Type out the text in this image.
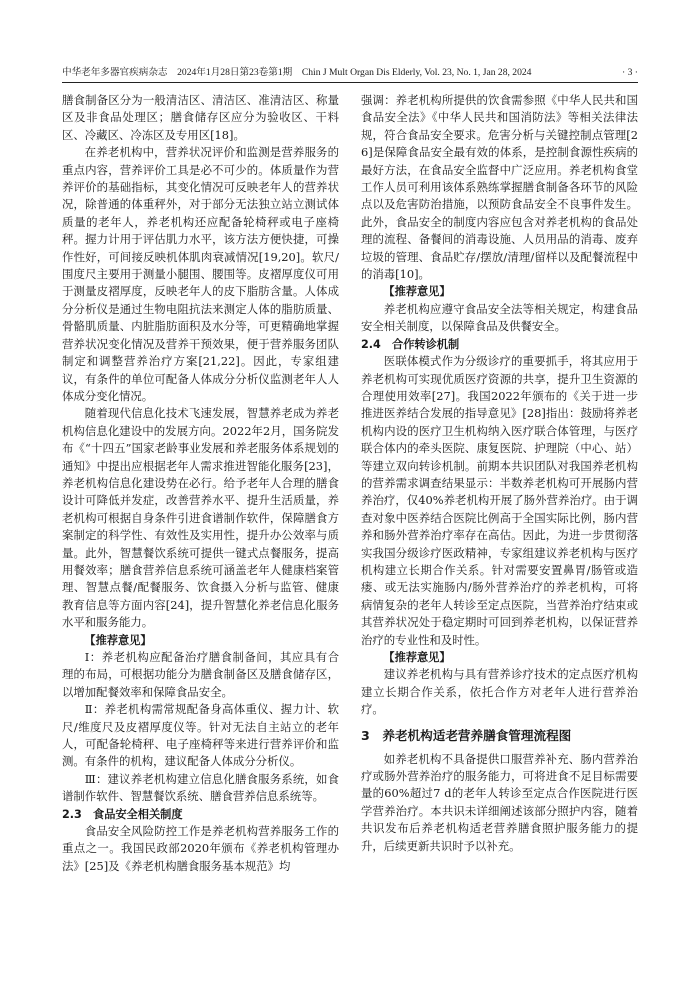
中华老年多器官疾病杂志　2024年1月28日第23卷第1期　Chin J Mult Organ Dis Elderly, Vol. 23, No. 1, Jan 28, 2024	· 3 ·

膳食制备区分为一般清洁区、清洁区、准清洁区、称量区及非食品处理区；膳食储存区应分为验收区、干料区、冷藏区、冷冻区及专用区[18]。

在养老机构中，营养状况评价和监测是营养服务的重点内容，营养评价工具是必不可少的。体质量作为营养评价的基础指标，其变化情况可反映老年人的营养状况，除普通的体重秤外，对于部分无法独立站立测试体质量的老年人，养老机构还应配备轮椅秤或电子座椅秤。握力计用于评估肌力水平，该方法方便快捷，可操作性好，可间接反映机体肌肉衰减情况[19,20]。软尺/围度尺主要用于测量小腿围、腰围等。皮褶厚度仪可用于测量皮褶厚度，反映老年人的皮下脂肪含量。人体成分分析仪是通过生物电阻抗法来测定人体的脂肪质量、骨骼肌质量、内脏脂肪面积及水分等，可更精确地掌握营养状况变化情况及营养干预效果，便于营养服务团队制定和调整营养治疗方案[21,22]。因此，专家组建议，有条件的单位可配备人体成分分析仪监测老年人人体成分变化情况。

随着现代信息化技术飞速发展，智慧养老成为养老机构信息化建设中的发展方向。2022年2月，国务院发布《“十四五”国家老龄事业发展和养老服务体系规划的通知》中提出应根据老年人需求推进智能化服务[23]，养老机构信息化建设势在必行。给予老年人合理的膳食设计可降低并发症，改善营养水平、提升生活质量，养老机构可根据自身条件引进食谱制作软件，保障膳食方案制定的科学性、有效性及实用性，提升办公效率与质量。此外，智慧餐饮系统可提供一键式点餐服务，提高用餐效率；膳食营养信息系统可涵盖老年人健康档案管理、智慧点餐/配餐服务、饮食摄入分析与监管、健康教育信息等方面内容[24]，提升智慧化养老信息化服务水平和服务能力。

【推荐意见】

Ⅰ：养老机构应配备治疗膳食制备间，其应具有合理的布局，可根据功能分为膳食制备区及膳食储存区，以增加配餐效率和保障食品安全。

Ⅱ：养老机构需常规配备身高体重仪、握力计、软尺/维度尺及皮褶厚度仪等。针对无法自主站立的老年人，可配备轮椅秤、电子座椅秤等来进行营养评价和监测。有条件的机构，建议配备人体成分分析仪。

Ⅲ：建议养老机构建立信息化膳食服务系统，如食谱制作软件、智慧餐饮系统、膳食营养信息系统等。

2.3　食品安全相关制度

食品安全风险防控工作是养老机构营养服务工作的重点之一。我国民政部2020年颁布《养老机构管理办法》[25]及《养老机构膳食服务基本规范》均

强调：养老机构所提供的饮食需参照《中华人民共和国食品安全法》《中华人民共和国消防法》等相关法律法规，符合食品安全要求。危害分析与关键控制点管理[26]是保障食品安全最有效的体系，是控制食源性疾病的最好方法，在食品安全监督中广泛应用。养老机构食堂工作人员可利用该体系熟练掌握膳食制备各环节的风险点以及危害防治措施，以预防食品安全不良事件发生。此外，食品安全的制度内容应包含对养老机构的食品处理的流程、备餐间的消毒设施、人员用品的消毒、废弃垃圾的管理、食品贮存/摆放/清理/留样以及配餐流程中的消毒[10]。

【推荐意见】

养老机构应遵守食品安全法等相关规定，构建食品安全相关制度，以保障食品及供餐安全。

2.4　合作转诊机制

医联体模式作为分级诊疗的重要抓手，将其应用于养老机构可实现优质医疗资源的共享，提升卫生资源的合理使用效率[27]。我国2022年颁布的《关于进一步推进医养结合发展的指导意见》[28]指出：鼓励将养老机构内设的医疗卫生机构纳入医疗联合体管理，与医疗联合体内的牵头医院、康复医院、护理院（中心、站）等建立双向转诊机制。前期本共识团队对我国养老机构的营养需求调查结果显示：半数养老机构可开展肠内营养治疗，仅40%养老机构开展了肠外营养治疗。由于调查对象中医养结合医院比例高于全国实际比例，肠内营养和肠外营养治疗率存在高估。因此，为进一步贯彻落实我国分级诊疗医政精神，专家组建议养老机构与医疗机构建立长期合作关系。针对需要安置鼻胃/肠管或造瘘、或无法实施肠内/肠外营养治疗的养老机构，可将病情复杂的老年人转诊至定点医院，当营养治疗结束或其营养状况处于稳定期时可回到养老机构，以保证营养治疗的专业性和及时性。

【推荐意见】

建议养老机构与具有营养诊疗技术的定点医疗机构建立长期合作关系，依托合作方对老年人进行营养治疗。

3　养老机构适老营养膳食管理流程图

如养老机构不具备提供口服营养补充、肠内营养治疗或肠外营养治疗的服务能力，可将进食不足目标需要量的60%超过7 d的老年人转诊至定点合作医院进行医学营养治疗。本共识未详细阐述该部分照护内容，随着共识发布后养老机构适老营养膳食照护服务能力的提升，后续更新共识时予以补充。
